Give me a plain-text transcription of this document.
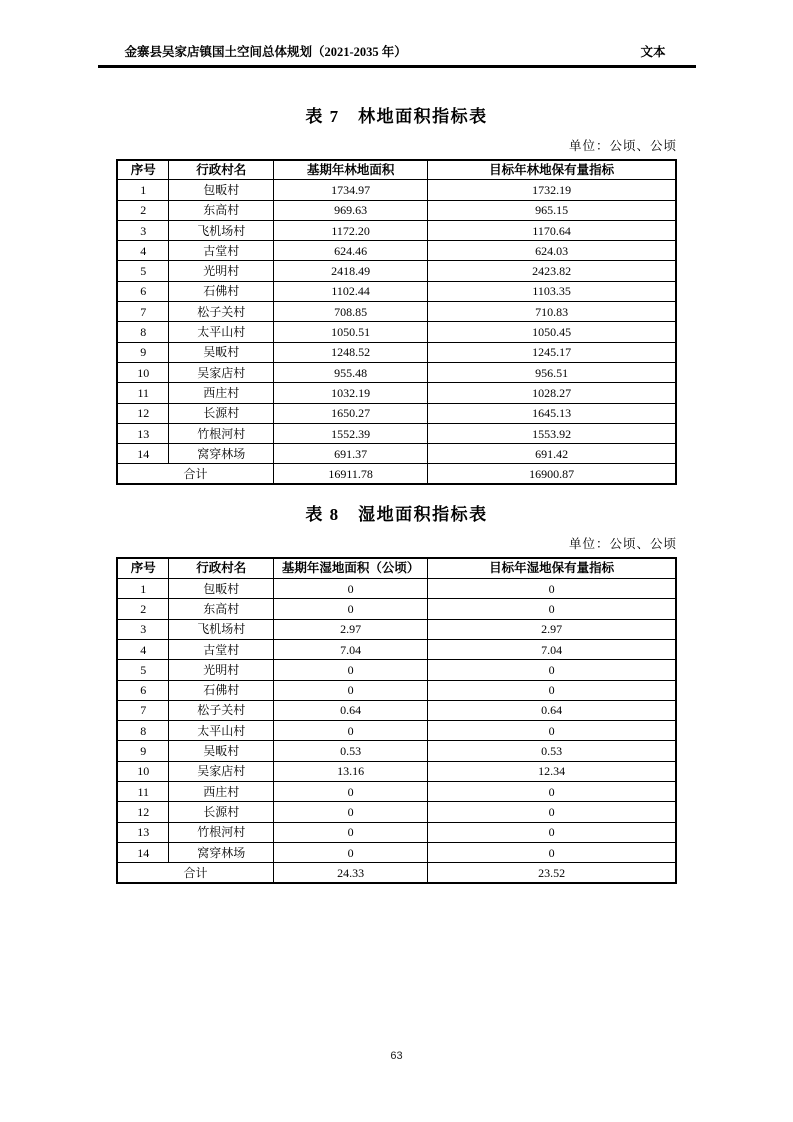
金寨县吴家店镇国土空间总体规划（2021-2035 年）	文本
表 7　林地面积指标表
单位：公顷、公顷
序号	行政村名	基期年林地面积	目标年林地保有量指标
1	包畈村	1734.97	1732.19
2	东高村	969.63	965.15
3	飞机场村	1172.20	1170.64
4	古堂村	624.46	624.03
5	光明村	2418.49	2423.82
6	石佛村	1102.44	1103.35
7	松子关村	708.85	710.83
8	太平山村	1050.51	1050.45
9	吴畈村	1248.52	1245.17
10	吴家店村	955.48	956.51
11	西庄村	1032.19	1028.27
12	长源村	1650.27	1645.13
13	竹根河村	1552.39	1553.92
14	窝穿林场	691.37	691.42
合计		16911.78	16900.87
表 8　湿地面积指标表
单位：公顷、公顷
序号	行政村名	基期年湿地面积（公顷）	目标年湿地保有量指标
1	包畈村	0	0
2	东高村	0	0
3	飞机场村	2.97	2.97
4	古堂村	7.04	7.04
5	光明村	0	0
6	石佛村	0	0
7	松子关村	0.64	0.64
8	太平山村	0	0
9	吴畈村	0.53	0.53
10	吴家店村	13.16	12.34
11	西庄村	0	0
12	长源村	0	0
13	竹根河村	0	0
14	窝穿林场	0	0
合计		24.33	23.52
63
